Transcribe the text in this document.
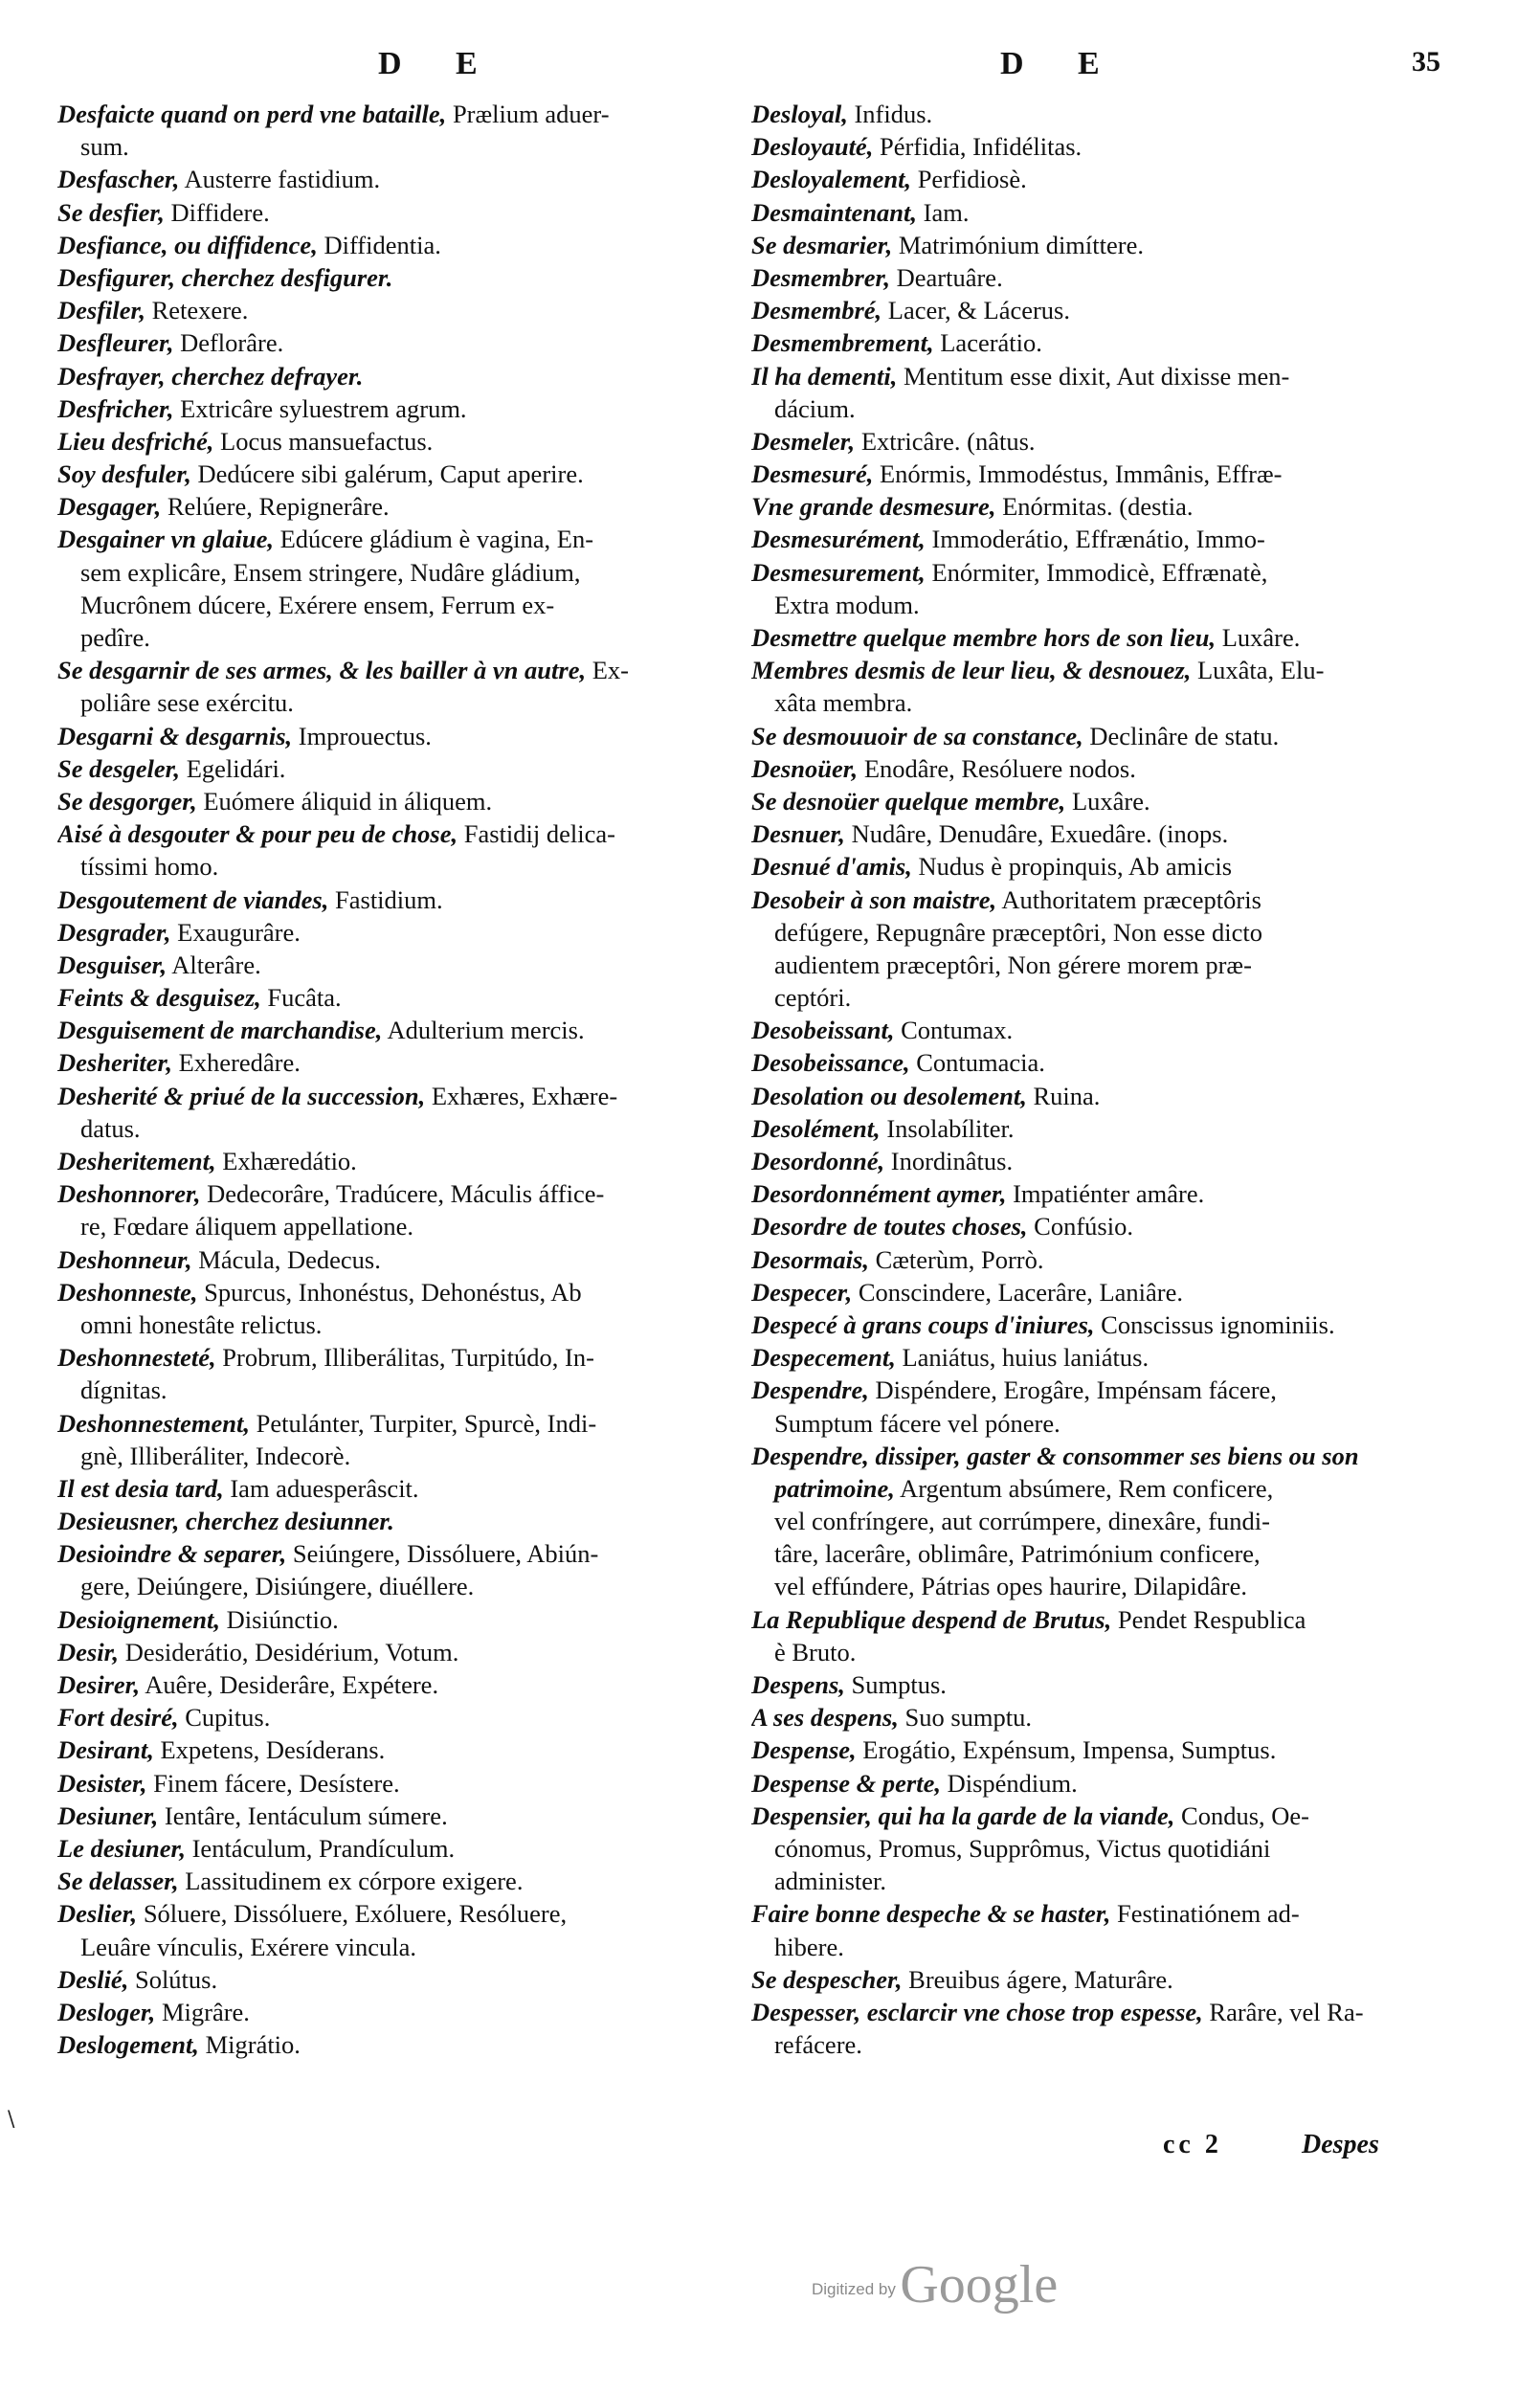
D E	D E	35
Desfaicte quand on perd vne bataille, Prælium aduer-
sum.
Desfascher, Austerre fastidium.
Se desfier, Diffidere.
Desfiance, ou diffidence, Diffidentia.
Desfigurer, cherchez desfigurer.
Desfiler, Retexere.
Desfleurer, Deflorâre.
Desfrayer, cherchez defrayer.
Desfricher, Extricâre syluestrem agrum.
Lieu desfriché, Locus mansuefactus.
Soy desfuler, Dedúcere sibi galérum, Caput aperire.
Desgager, Relúere, Repignerâre.
Desgainer vn glaiue, Edúcere gládium è vagina, En-
sem explicâre, Ensem stringere, Nudâre gládium,
Mucrônem dúcere, Exérere ensem, Ferrum ex-
pedîre.
Se desgarnir de ses armes, & les bailler à vn autre, Ex-
poliâre sese exércitu.
Desgarni & desgarnis, Improuectus.
Se desgeler, Egelidári.
Se desgorger, Euómere áliquid in áliquem.
Aisé à desgouter & pour peu de chose, Fastidij delica-
tíssimi homo.
Desgoutement de viandes, Fastidium.
Desgrader, Exaugurâre.
Desguiser, Alterâre.
Feints & desguisez, Fucâta.
Desguisement de marchandise, Adulterium mercis.
Desheriter, Exheredâre.
Desherité & priué de la succession, Exhæres, Exhære-
datus.
Desheritement, Exhæredátio.
Deshonnorer, Dedecorâre, Tradúcere, Máculis áffice-
re, Fœdare áliquem appellatione.
Deshonneur, Mácula, Dedecus.
Deshonneste, Spurcus, Inhonéstus, Dehonéstus, Ab
omni honestâte relictus.
Deshonnesteté, Probrum, Illiberálitas, Turpitúdo, In-
dígnitas.
Deshonnestement, Petulánter, Turpiter, Spurcè, Indi-
gnè, Illiberáliter, Indecorè.
Il est desia tard, Iam aduesperâscit.
Desieusner, cherchez desiunner.
Desioindre & separer, Seiúngere, Dissóluere, Abiún-
gere, Deiúngere, Disiúngere, diuéllere.
Desioignement, Disiúnctio.
Desir, Desiderátio, Desidérium, Votum.
Desirer, Auêre, Desiderâre, Expétere.
Fort desiré, Cupitus.
Desirant, Expetens, Desíderans.
Desister, Finem fácere, Desístere.
Desiuner, Ientâre, Ientáculum súmere.
Le desiuner, Ientáculum, Prandículum.
Se delasser, Lassitudinem ex córpore exigere.
Deslier, Sóluere, Dissóluere, Exóluere, Resóluere,
Leuâre vínculis, Exérere vincula.
Deslié, Solútus.
Desloger, Migrâre.
Deslogement, Migrátio.
Desloyal, Infidus.
Desloyauté, Pérfidia, Infidélitas.
Desloyalement, Perfidiosè.
Desmaintenant, Iam.
Se desmarier, Matrimónium dimíttere.
Desmembrer, Deartuâre.
Desmembré, Lacer, & Lácerus.
Desmembrement, Lacerátio.
Il ha dementi, Mentitum esse dixit, Aut dixisse men-
dácium.
Desmeler, Extricâre. (nâtus.
Desmesuré, Enórmis, Immodéstus, Immânis, Effræ-
Vne grande desmesure, Enórmitas. (destia.
Desmesurément, Immoderátio, Effrænátio, Immo-
Desmesurement, Enórmiter, Immodicè, Effrænatè,
Extra modum.
Desmettre quelque membre hors de son lieu, Luxâre.
Membres desmis de leur lieu, & desnouez, Luxâta, Elu-
xâta membra.
Se desmouuoir de sa constance, Declinâre de statu.
Desnoüer, Enodâre, Resóluere nodos.
Se desnoüer quelque membre, Luxâre.
Desnuer, Nudâre, Denudâre, Exuedâre. (inops.
Desnué d'amis, Nudus è propinquis, Ab amicis
Desobeir à son maistre, Authoritatem præceptôris
defúgere, Repugnâre præceptôri, Non esse dicto
audientem præceptôri, Non gérere morem præ-
ceptóri.
Desobeissant, Contumax.
Desobeissance, Contumacia.
Desolation ou desolement, Ruina.
Desolément, Insolabíliter.
Desordonné, Inordinâtus.
Desordonnément aymer, Impatiénter amâre.
Desordre de toutes choses, Confúsio.
Desormais, Cæterùm, Porrò.
Despecer, Conscindere, Lacerâre, Laniâre.
Despecé à grans coups d'iniures, Conscissus ignominiis.
Despecement, Laniátus, huius laniátus.
Despendre, Dispéndere, Erogâre, Impénsam fácere,
Sumptum fácere vel pónere.
Despendre, dissiper, gaster & consommer ses biens ou son
patrimoine, Argentum absúmere, Rem conficere,
vel confríngere, aut corrúmpere, dinexâre, fundi-
târe, lacerâre, oblimâre, Patrimónium conficere,
vel effúndere, Pátrias opes haurire, Dilapidâre.
La Republique despend de Brutus, Pendet Respublica
è Bruto.
Despens, Sumptus.
A ses despens, Suo sumptu.
Despense, Erogátio, Expénsum, Impensa, Sumptus.
Despense & perte, Dispéndium.
Despensier, qui ha la garde de la viande, Condus, Oe-
cónomus, Promus, Supprômus, Victus quotidiáni
administer.
Faire bonne despeche & se haster, Festinatiónem ad-
hibere.
Se despescher, Breuibus ágere, Maturâre.
Despesser, esclarcir vne chose trop espesse, Rarâre, vel Ra-
refácere.
\
cc 2	Despes
Digitized by Google
